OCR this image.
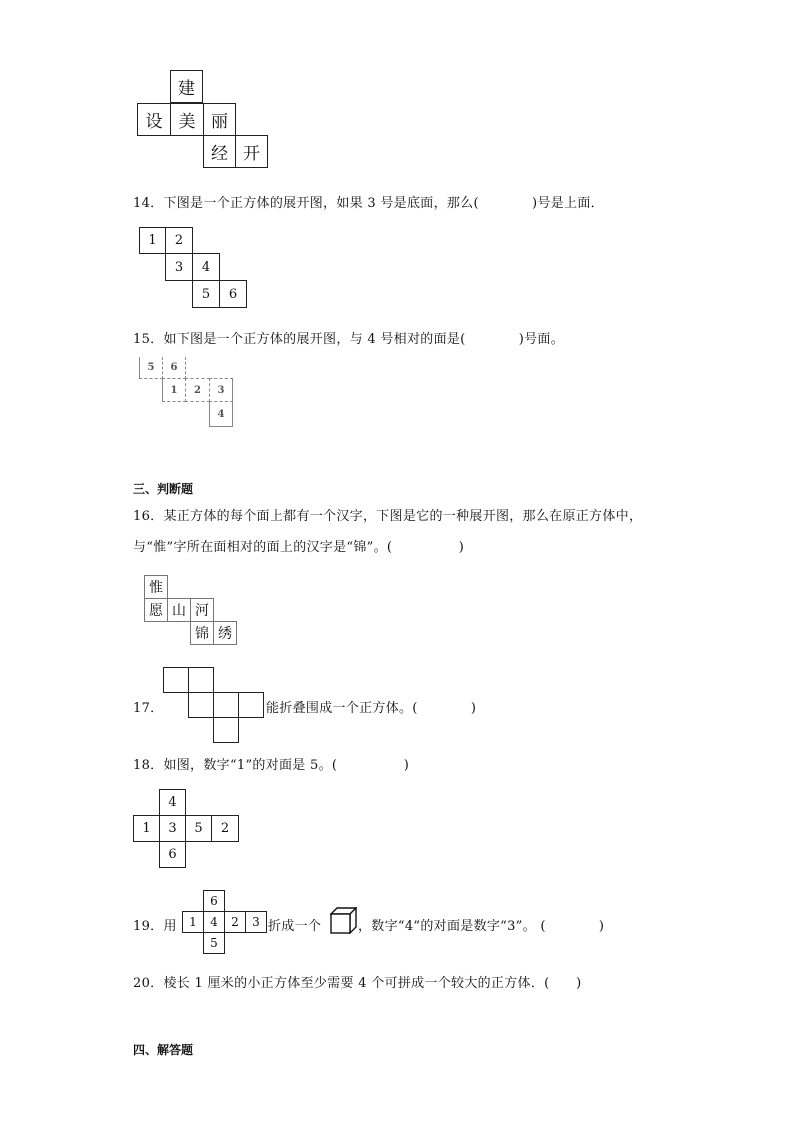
建
设 美 丽
经 开
14．下图是一个正方体的展开图，如果 3 号是底面，那么(　　　　)号是上面．
1	2
3	4
5	6
15．如下图是一个正方体的展开图，与 4 号相对的面是(　　　　)号面。
5	6
1	2	3
4
三、判断题
16．某正方体的每个面上都有一个汉字，下图是它的一种展开图，那么在原正方体中，
与“惟”字所在面相对的面上的汉字是“锦”。(　　　　　)
惟
愿 山 河
锦 绣
17．	能折叠围成一个正方体。(　　　　)
18．如图，数字“1”的对面是 5。(　　　　　)
4
1	3	5	2
6
19．用
6
1	4	2	3
5
折成一个	，数字“4”的对面是数字“3”。 (　　　　)
20．棱长 1 厘米的小正方体至少需要 4 个可拼成一个较大的正方体．(　　)
四、解答题
